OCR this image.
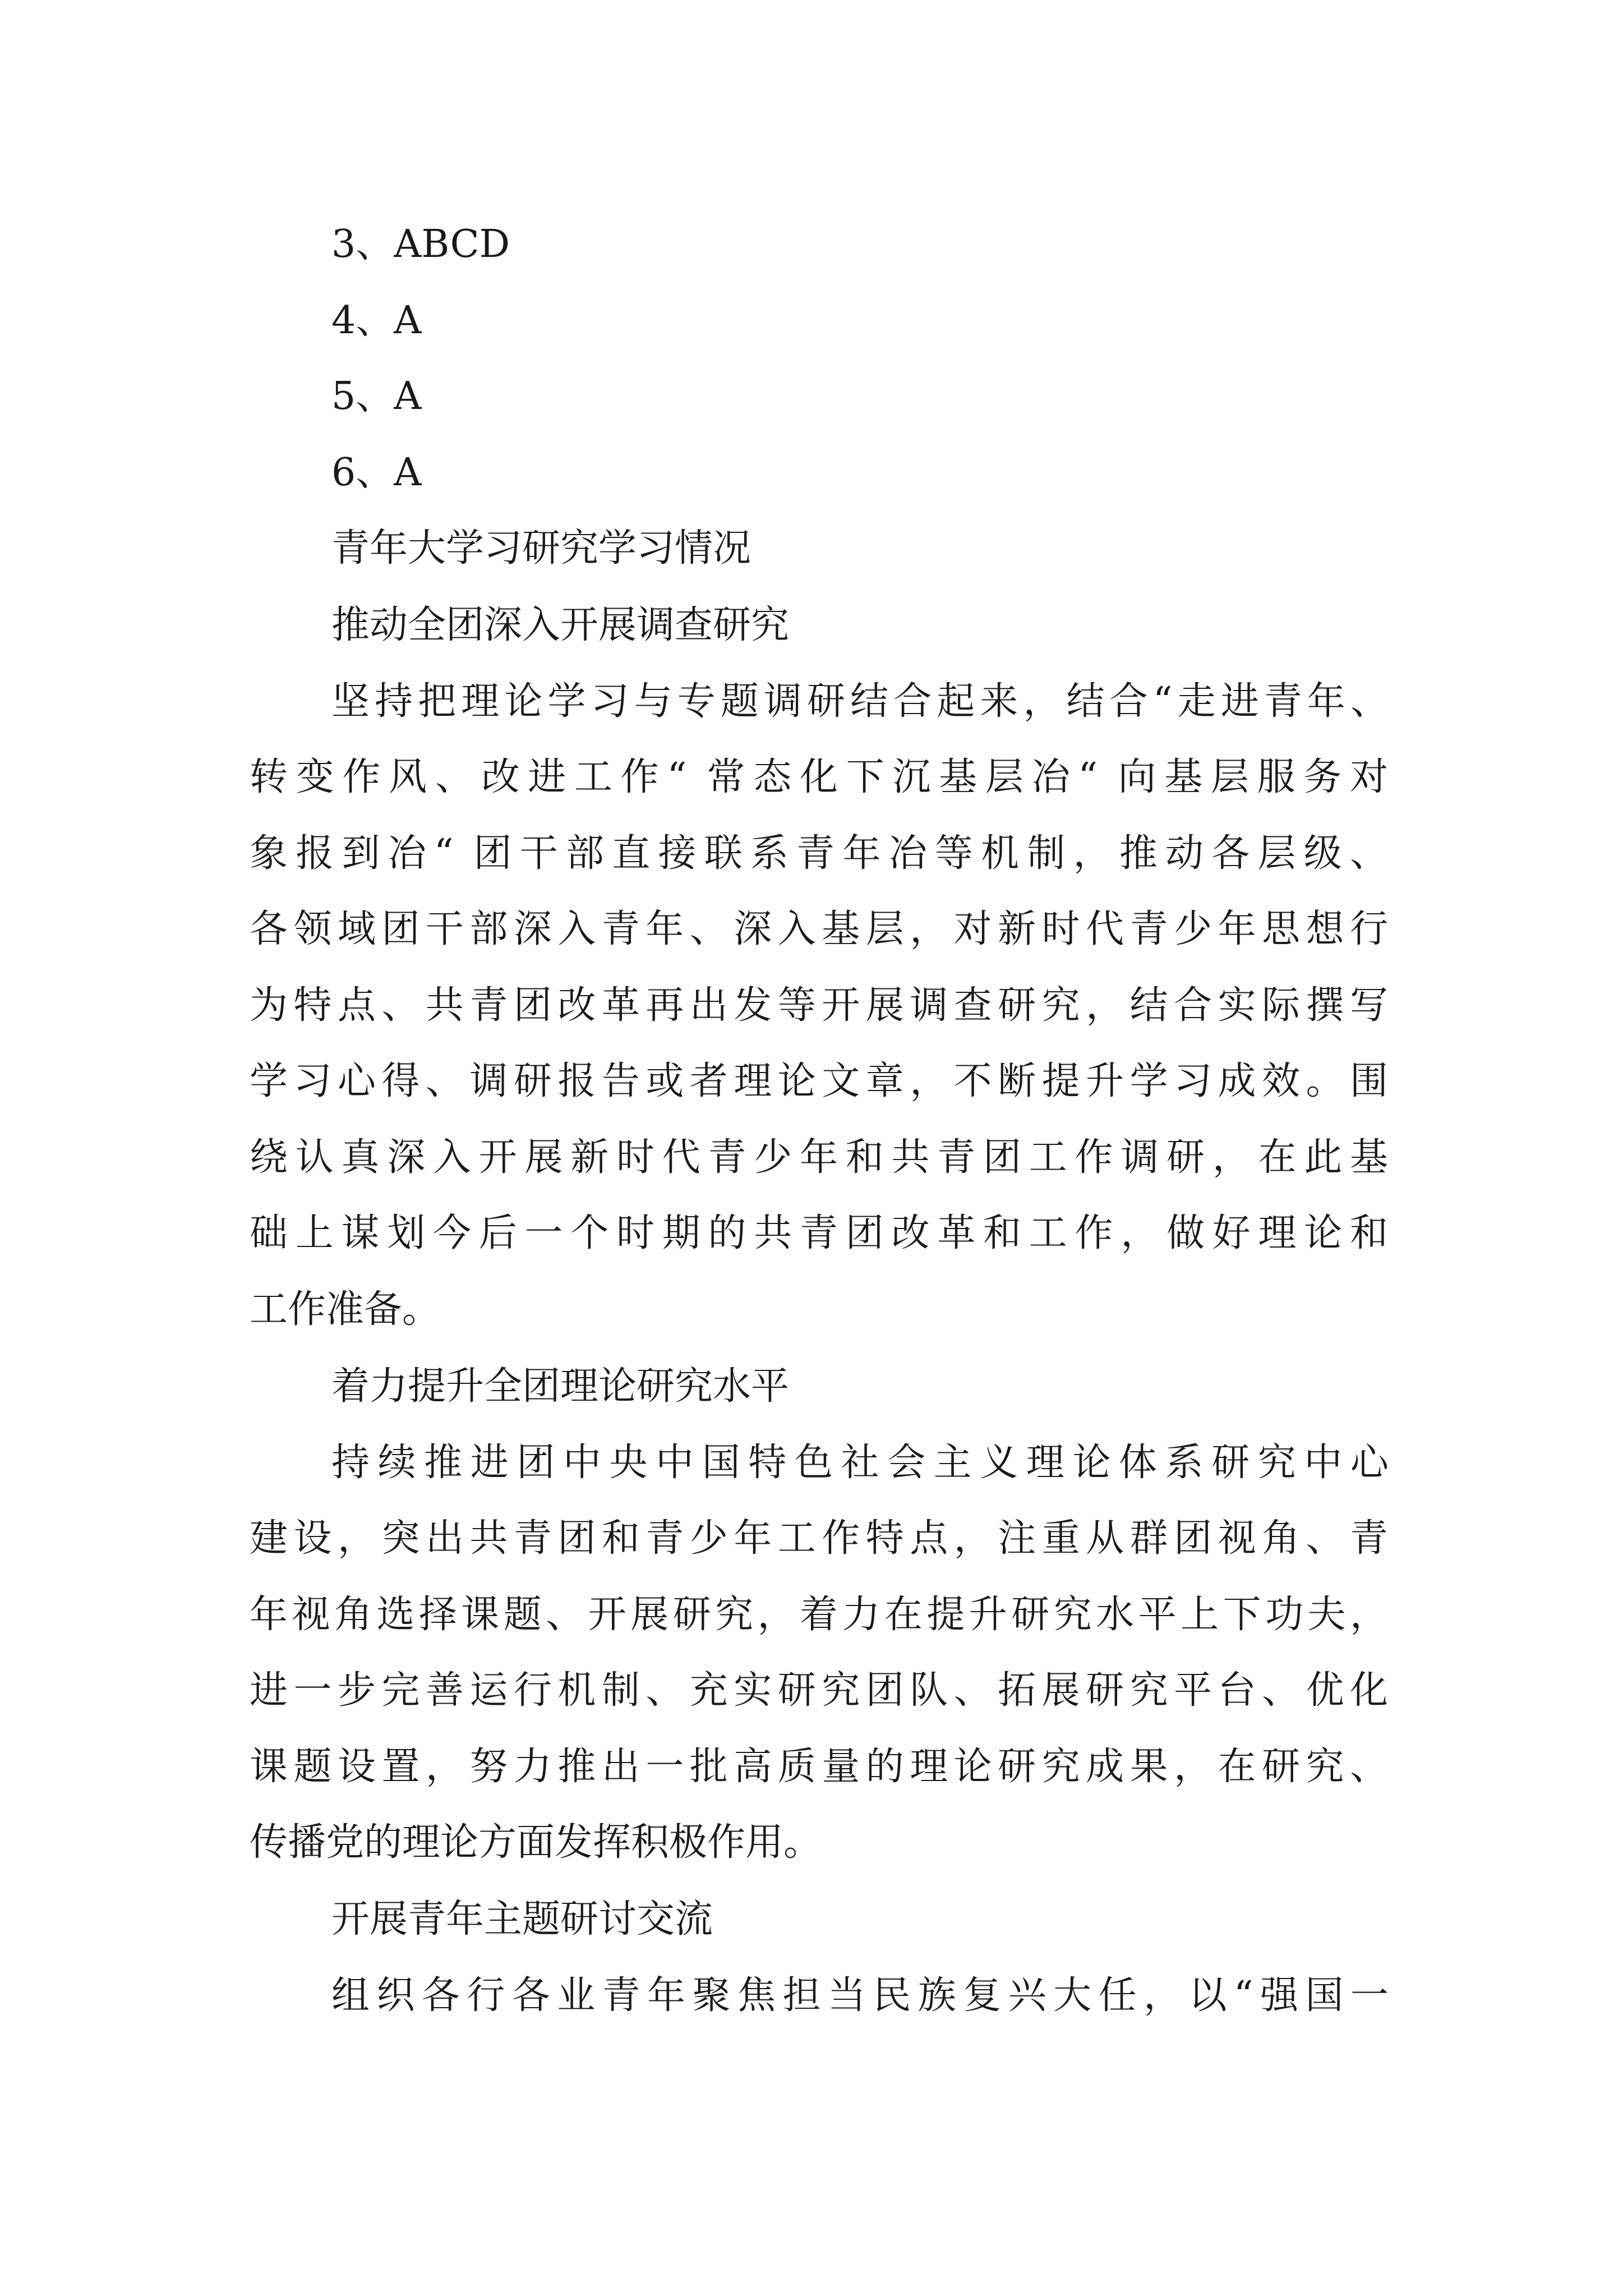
3、ABCD
4、A
5、A
6、A
青年大学习研究学习情况
推动全团深入开展调查研究
坚持把理论学习与专题调研结合起来，结合“走进青年、
转变作风、改进工作“ 常态化下沉基层冶“ 向基层服务对
象报到冶“ 团干部直接联系青年冶等机制，推动各层级、
各领域团干部深入青年、深入基层，对新时代青少年思想行
为特点、共青团改革再出发等开展调查研究，结合实际撰写
学习心得、调研报告或者理论文章，不断提升学习成效。围
绕认真深入开展新时代青少年和共青团工作调研，在此基
础上谋划今后一个时期的共青团改革和工作，做好理论和
工作准备。
着力提升全团理论研究水平
持续推进团中央中国特色社会主义理论体系研究中心
建设，突出共青团和青少年工作特点，注重从群团视角、青
年视角选择课题、开展研究，着力在提升研究水平上下功夫，
进一步完善运行机制、充实研究团队、拓展研究平台、优化
课题设置，努力推出一批高质量的理论研究成果，在研究、
传播党的理论方面发挥积极作用。
开展青年主题研讨交流
组织各行各业青年聚焦担当民族复兴大任，以“强国一
